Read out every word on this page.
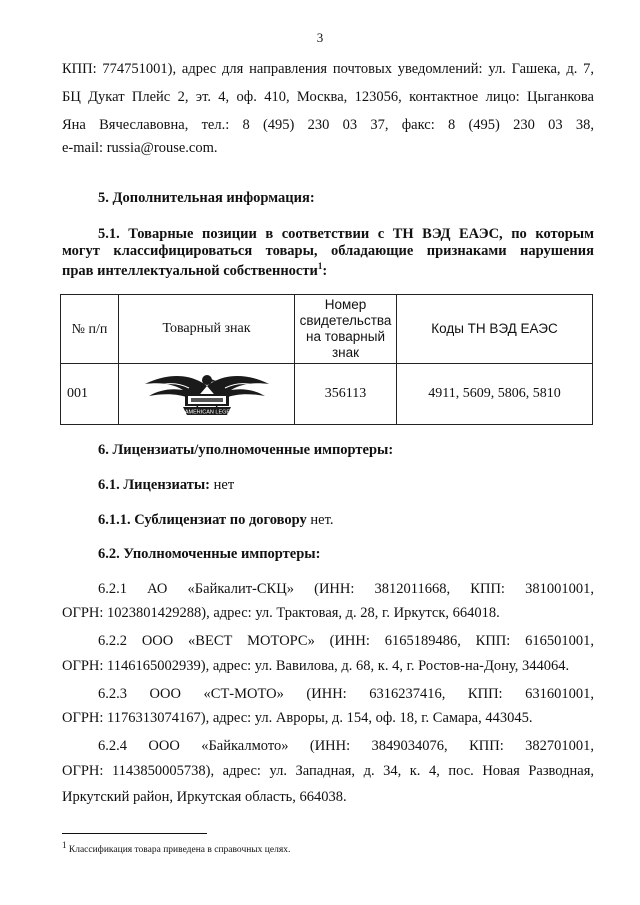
3
КПП: 774751001), адрес для направления почтовых уведомлений: ул. Гашека, д. 7,
БЦ Дукат Плейс 2, эт. 4, оф. 410, Москва, 123056, контактное лицо: Цыганкова
Яна Вячеславовна, тел.: 8 (495) 230 03 37, факс: 8 (495) 230 03 38,
e-mail: russia@rouse.com.
5. Дополнительная информация:
5.1. Товарные позиции в соответствии с ТН ВЭД ЕАЭС, по которым
могут классифицироваться товары, обладающие признаками нарушения
прав интеллектуальной собственности$^1$:
№ п/п	Товарный знак	Номер свидетельства на товарный знак	Коды ТН ВЭД ЕАЭС
001	AN AMERICAN LEGEND	356113	4911, 5609, 5806, 5810
6. Лицензиаты/уполномоченные импортеры:
6.1. Лицензиаты: нет
6.1.1. Сублицензиат по договору нет.
6.2. Уполномоченные импортеры:
6.2.1 АО «Байкалит-СКЦ» (ИНН: 3812011668, КПП: 381001001,
ОГРН: 1023801429288), адрес: ул. Трактовая, д. 28, г. Иркутск, 664018.
6.2.2 ООО «ВЕСТ МОТОРС» (ИНН: 6165189486, КПП: 616501001,
ОГРН: 1146165002939), адрес: ул. Вавилова, д. 68, к. 4, г. Ростов-на-Дону, 344064.
6.2.3 ООО «СТ-МОТО» (ИНН: 6316237416, КПП: 631601001,
ОГРН: 1176313074167), адрес: ул. Авроры, д. 154, оф. 18, г. Самара, 443045.
6.2.4 ООО «Байкалмото» (ИНН: 3849034076, КПП: 382701001,
ОГРН: 1143850005738), адрес: ул. Западная, д. 34, к. 4, пос. Новая Разводная,
Иркутский район, Иркутская область, 664038.
$^1$ Классификация товара приведена в справочных целях.
